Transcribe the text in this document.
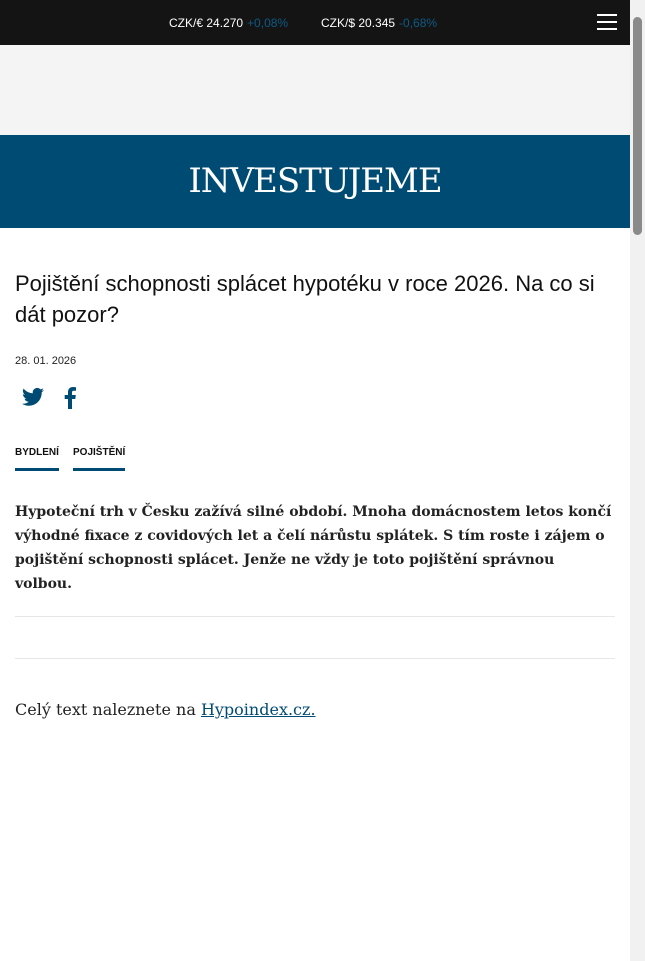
CZK/€ 24.270 +0,08%	CZK/$ 20.345 -0,68%
INVESTUJEME
Pojištění schopnosti splácet hypotéku v roce 2026. Na co si dát pozor?
28. 01. 2026
BYDLENÍ POJIŠTĚNÍ
Hypoteční trh v Česku zažívá silné období. Mnoha domácnostem letos končí výhodné fixace z covidových let a čelí nárůstu splátek. S tím roste i zájem o pojištění schopnosti splácet. Jenže ne vždy je toto pojištění správnou volbou.
Celý text naleznete na Hypoindex.cz.
